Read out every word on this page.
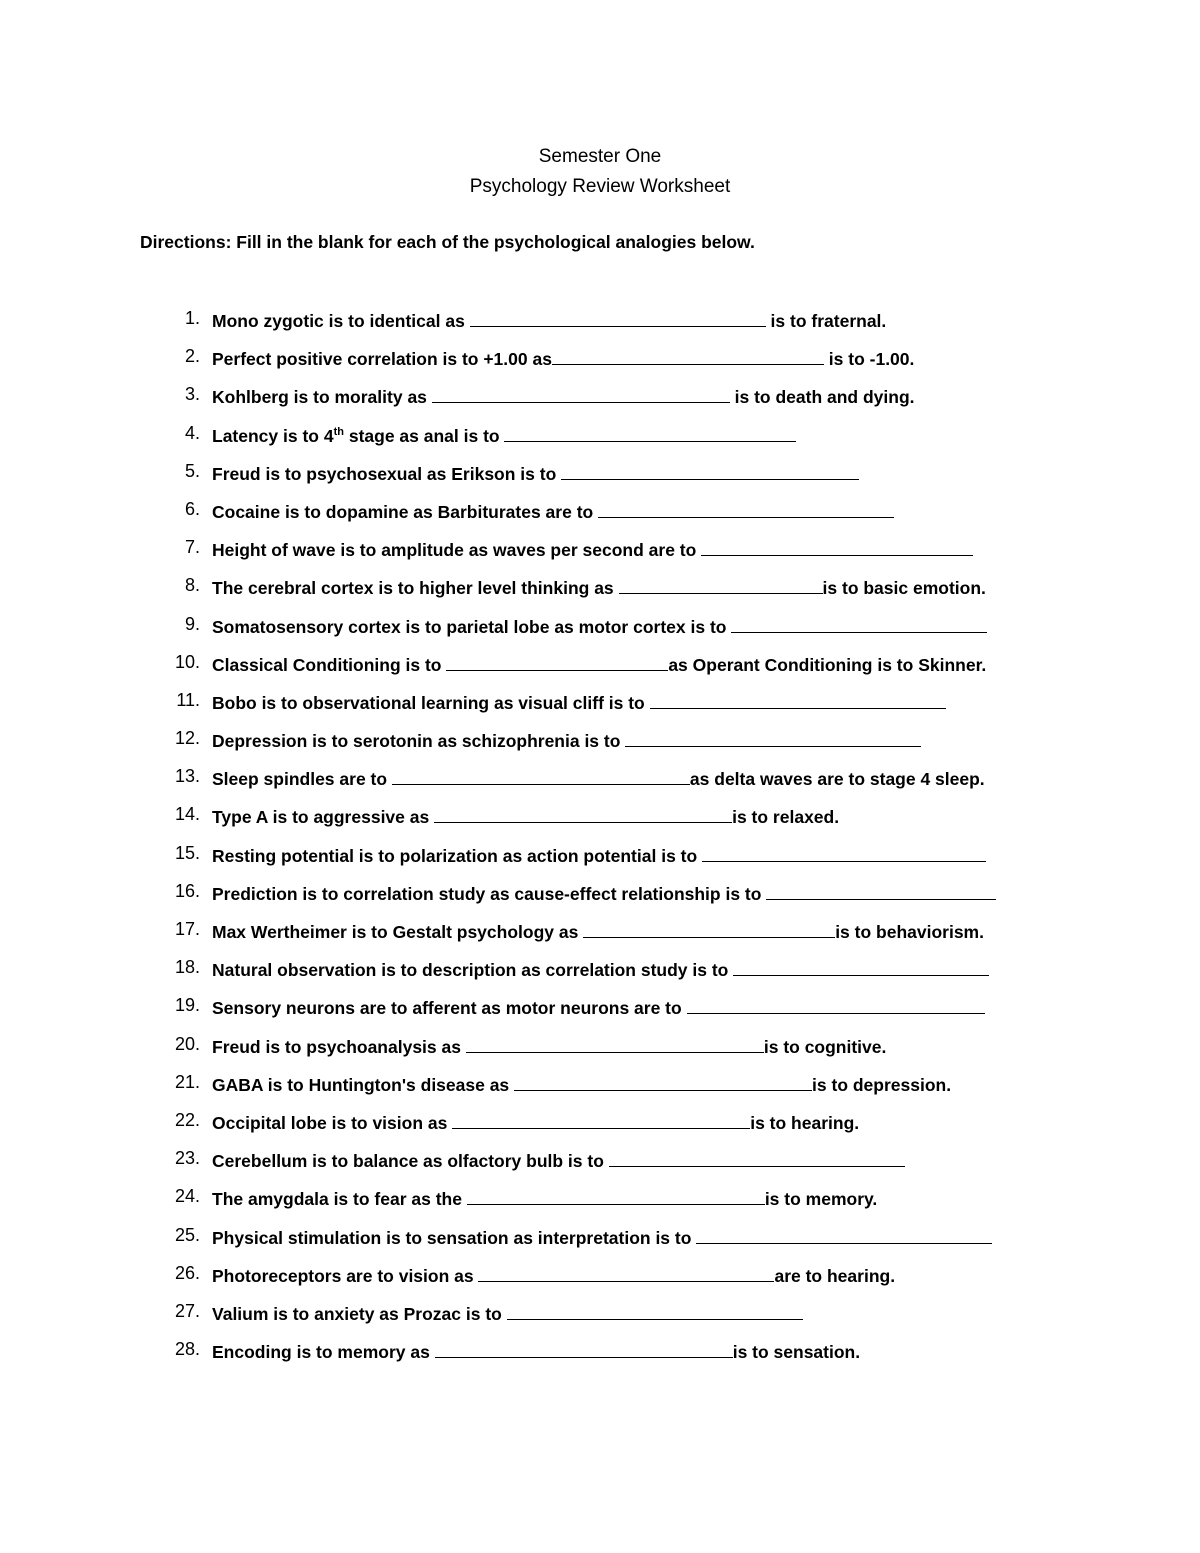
Semester One
Psychology Review Worksheet
Directions: Fill in the blank for each of the psychological analogies below.
1. Mono zygotic is to identical as	is to fraternal.
2. Perfect positive correlation is to +1.00 as	is to -1.00.
3. Kohlberg is to morality as	is to death and dying.
4. Latency is to 4th stage as anal is to
5. Freud is to psychosexual as Erikson is to
6. Cocaine is to dopamine as Barbiturates are to
7. Height of wave is to amplitude as waves per second are to
8. The cerebral cortex is to higher level thinking as	is to basic emotion.
9. Somatosensory cortex is to parietal lobe as motor cortex is to
10. Classical Conditioning is to	as Operant Conditioning is to Skinner.
11. Bobo is to observational learning as visual cliff is to
12. Depression is to serotonin as schizophrenia is to
13. Sleep spindles are to	as delta waves are to stage 4 sleep.
14. Type A is to aggressive as	is to relaxed.
15. Resting potential is to polarization as action potential is to
16. Prediction is to correlation study as cause-effect relationship is to
17. Max Wertheimer is to Gestalt psychology as	is to behaviorism.
18. Natural observation is to description as correlation study is to
19. Sensory neurons are to afferent as motor neurons are to
20. Freud is to psychoanalysis as	is to cognitive.
21. GABA is to Huntington's disease as	is to depression.
22. Occipital lobe is to vision as	is to hearing.
23. Cerebellum is to balance as olfactory bulb is to
24. The amygdala is to fear as the	is to memory.
25. Physical stimulation is to sensation as interpretation is to
26. Photoreceptors are to vision as	are to hearing.
27. Valium is to anxiety as Prozac is to
28. Encoding is to memory as	is to sensation.
